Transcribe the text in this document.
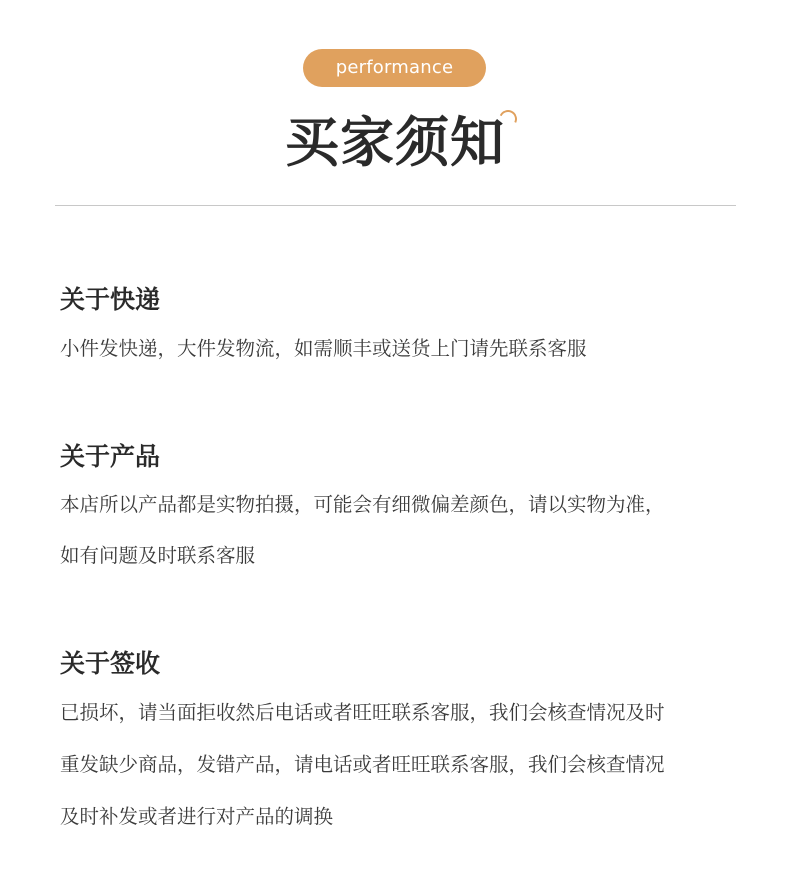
performance
买家须知
关于快递
小件发快递，大件发物流，如需顺丰或送货上门请先联系客服
关于产品
本店所以产品都是实物拍摄，可能会有细微偏差颜色，请以实物为准，
如有问题及时联系客服
关于签收
已损坏，请当面拒收然后电话或者旺旺联系客服，我们会核查情况及时
重发缺少商品，发错产品，请电话或者旺旺联系客服，我们会核查情况
及时补发或者进行对产品的调换
